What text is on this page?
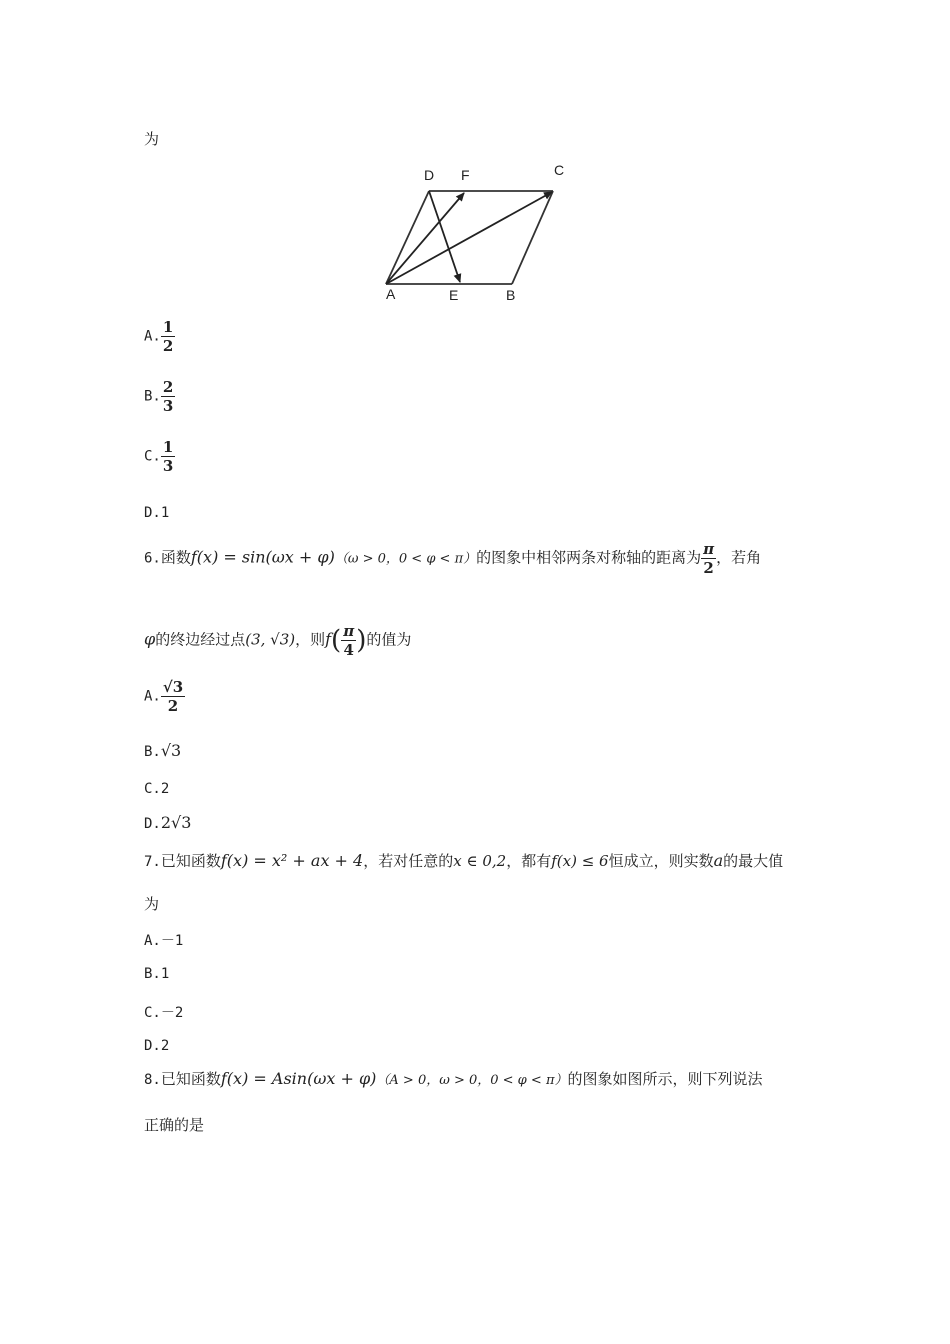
为
D F	C
A	E	B
A. $\frac{1}{2}$
B. $\frac{2}{3}$
C. $\frac{1}{3}$
D.1
6.函数f(x) = sin(ωx + φ)（ω > 0，0 < φ < π）的图象中相邻两条对称轴的距离为 $\frac{\pi}{2}$ ，若角
φ的终边经过点(3, √3)，则$f( \frac{\pi}{4}$ )的值为
A. $\frac{√3}{2}$
B.√3
C.2
D.2√3
7.已知函数f(x) = x² + ax + 4，若对任意的x ∈ 0,2，都有f(x) ≤ 6恒成立，则实数a的最大值
为
A.－1
B.1
C.－2
D.2
8.已知函数f(x) = Asin(ωx + φ)（A > 0，ω > 0，0 < φ < π）的图象如图所示，则下列说法
正确的是
